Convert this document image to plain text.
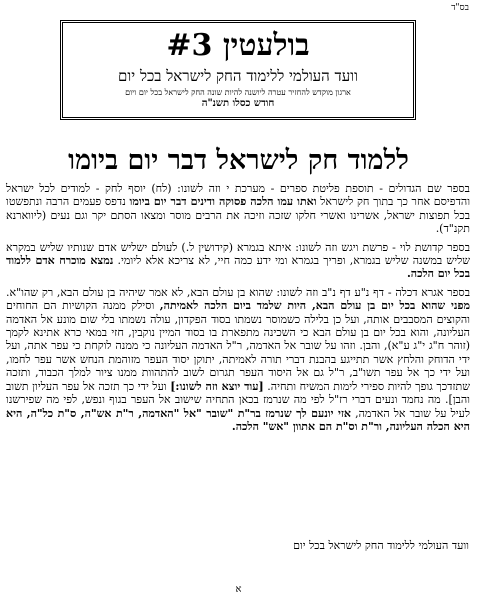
בס"ד
בולעטין #3
וועד העולמי ללימוד החק לישראל בכל יום
ארגון מוקדש להחזיר עטרה ליושנה להיות שונה החק לישראל בכל יום ויום
חודש כסלו תשנ"ה
ללמוד חק לישראל דבר יום ביומו

בספר שם הגדולים - תוספת פליטת ספרים - מערכת י וזה לשונו: (לח) יוסף לחק - למודים לכל ישראל והדפיסם אחר כך בתוך חק לישראל ואתו עמו הלכה פסוקה ודינים דבר יום ביומו נדפס פעמים הרבה ונתפשטו בכל תפוצות ישראל, אשרינו ואשרי חלקו שזכה וזיכה את הרבים מוסר ומצאו הסתם יקר וגם נעים (ליווארנא תקנ"ד).

בספר קדושת לוי - פרשת ויגש וזה לשונו: איתא בגמרא (קידושין ל.) לעולם ישליש אדם שנותיו שליש במקרא שליש במשנה שליש בגמרא, ופריך בגמרא ומי ידע כמה חיי, לא צריכא אלא ליומי. נמצא מוכרח אדם ללמוד בכל יום הלכה.

בספר אגרא דכלה - דף נ"ע דף נ"ב וזה לשונו: שהוא בן עולם הבא, לא אמר שיהיה בן עולם הבא, רק שהו"א. מפני שהוא בכל יום בן עולם הבא, היות שלמד ביום הלכה לאמיתה, וסילק ממנה הקושיות הם החוחים והקוצים המסבבים אותה, ועל כן בלילה כשמוסר נשמתו בסוד הפקדון, עולה נשמתו בלי שום מונע אל האדמה העליונה, והוא בכל יום בן עולם הבא כי השכינה מתפארת בו בסוד המיין נוקבין, חזי במאי כרא אתינא לקמך (זוהר ח"ג י"ג ע"א), והבן. וזהו על שובר אל האדמה, ר"ל האדמה העליונה כי ממנה לוקחת כי עפר אתה, ועל ידי הדוחק והלחץ אשר תתייגע בהבנת דברי תורה לאמיתה, יתוקן יסוד העפר מזוהמת הנחש אשר עפר לחמו, ועל ידי כך אל עפר תשו"ב, ר"ל גם אל היסוד העפר תגרום לשוב להתהוות ממנו ציור למלך הכבוד, ותזכה שתזדכך גופך להיות ספירי לימות המשיח ותחיה. [עוד יוצא וזה לשונו:] ועל ידי כך תזכה אל עפר העליון תשוב והבן]. מה נחמד ונעים דברי רז"ל לפי מה שנרמז בכאן התחיה שישוב אל העפר בגוף ונפש, לפי מה שפירשנו לעיל על שובר אל האדמה, אזי יונעם לך שנרמז בר"ת "שובר "אל "האדמה, ר"ת אש"ה, ס"ת כל"ה, היא היא הכלה העליונה, ור"ת וס"ת הם אתוון "אש" הלכה.

וועד העולמי ללימוד החק לישראל בכל יום
א
